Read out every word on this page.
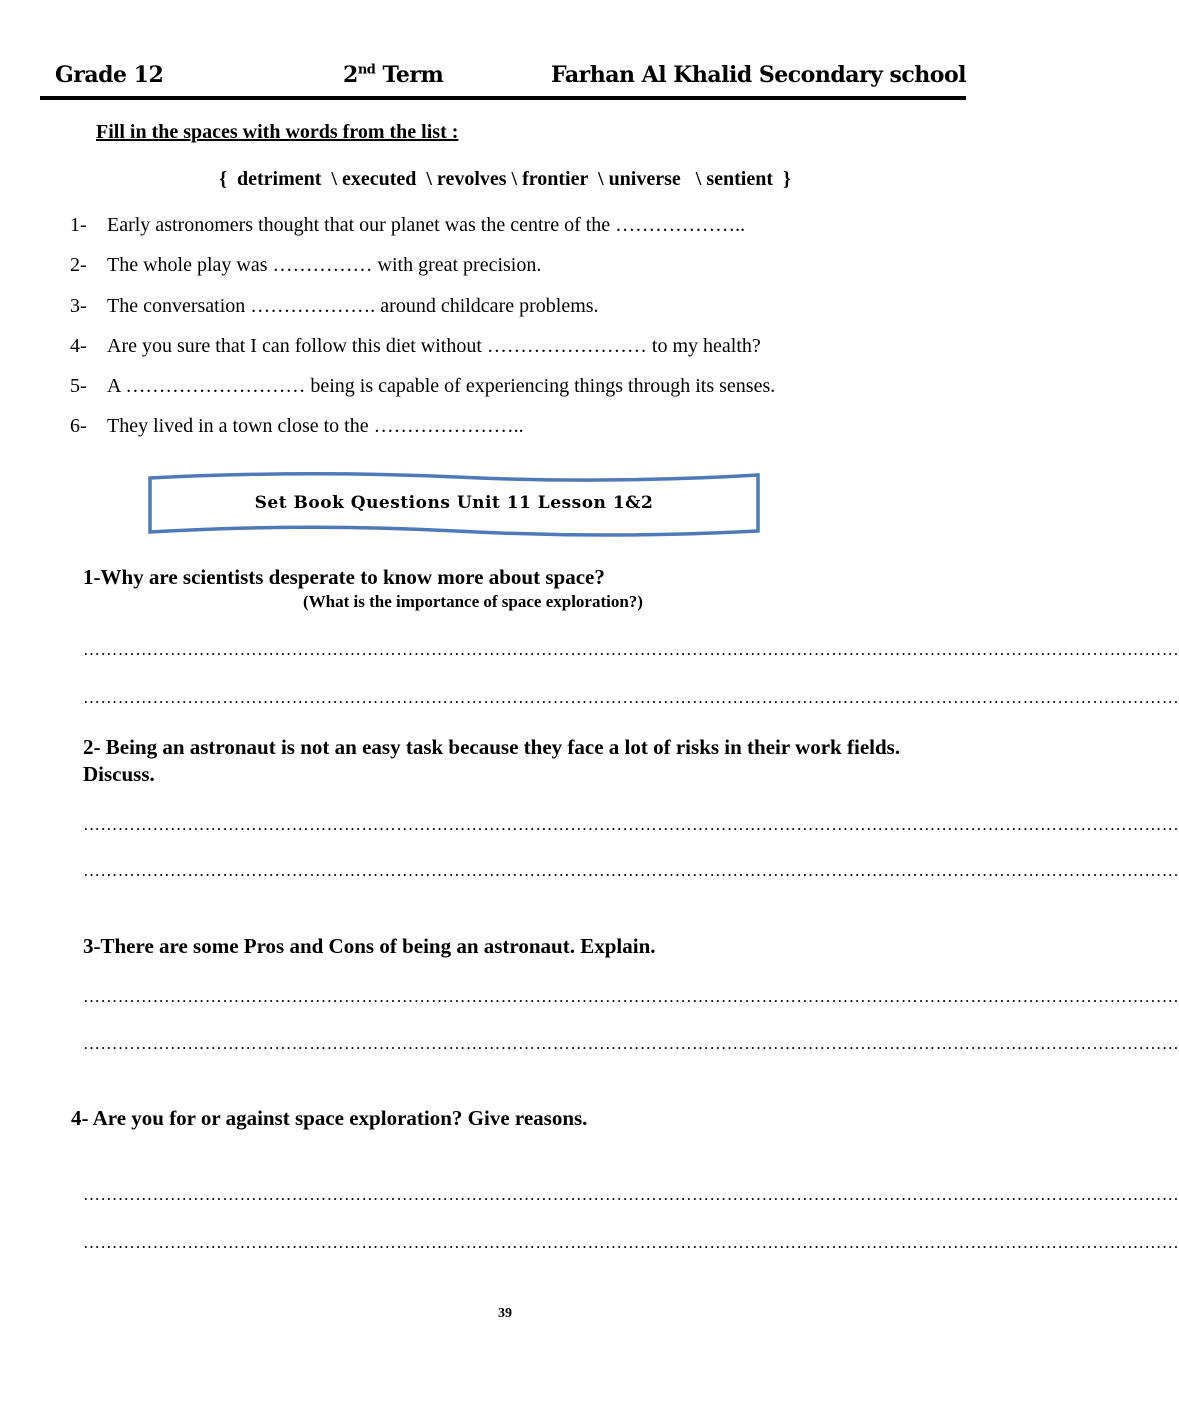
Grade 12	2nd Term	Farhan Al Khalid Secondary school
Fill in the spaces with words from the list :
{  detriment  \ executed  \ revolves \ frontier  \ universe   \ sentient  }
1- Early astronomers thought that our planet was the centre of the ………………..
2- The whole play was …………… with great precision.
3- The conversation ………………. around childcare problems.
4- Are you sure that I can follow this diet without …………………… to my health?
5- A ……………………… being is capable of experiencing things through its senses.
6- They lived in a town close to the …………………..
Set Book Questions Unit 11 Lesson 1&2
1-Why are scientists desperate to know more about space?
(What is the importance of space exploration?)
………………………………………………………………………………………………………………………………………………………………………
………………………………………………………………………………………………………………………………………………………………………
2- Being an astronaut is not an easy task because they face a lot of risks in their work fields. Discuss.
………………………………………………………………………………………………………………………………………………………………………
………………………………………………………………………………………………………………………………………………………………………
3-There are some Pros and Cons of being an astronaut. Explain.
………………………………………………………………………………………………………………………………………………………………………
………………………………………………………………………………………………………………………………………………………………………
4- Are you for or against space exploration? Give reasons.
………………………………………………………………………………………………………………………………………………………………………
………………………………………………………………………………………………………………………………………………………………………
39
